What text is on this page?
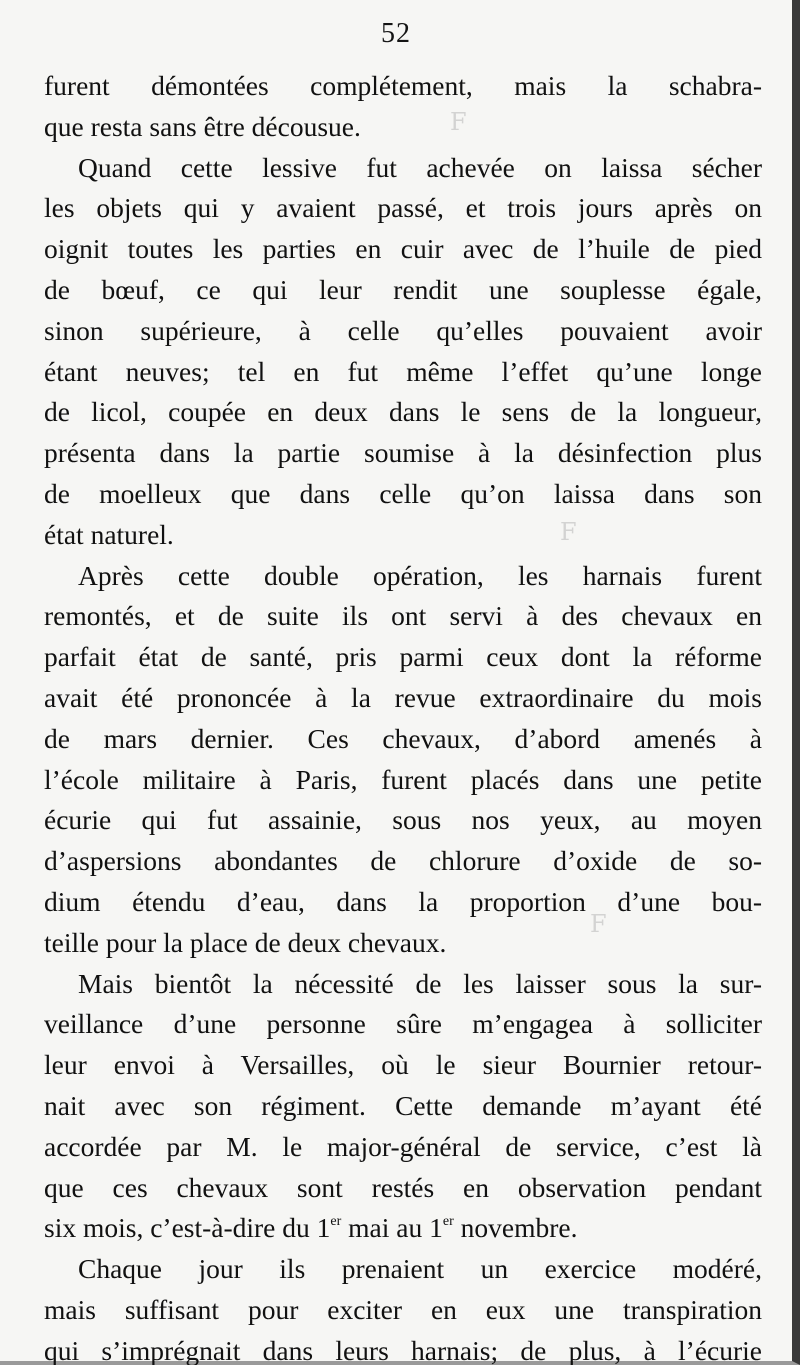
52
ꟻ
ꟻ
ꟻ
furent démontées complétement, mais la schabra-
que resta sans être décousue.
Quand cette lessive fut achevée on laissa sécher
les objets qui y avaient passé, et trois jours après on
oignit toutes les parties en cuir avec de l’huile de pied
de bœuf, ce qui leur rendit une souplesse égale,
sinon supérieure, à celle qu’elles pouvaient avoir
étant neuves; tel en fut même l’effet qu’une longe
de licol, coupée en deux dans le sens de la longueur,
présenta dans la partie soumise à la désinfection plus
de moelleux que dans celle qu’on laissa dans son
état naturel.
Après cette double opération, les harnais furent
remontés, et de suite ils ont servi à des chevaux en
parfait état de santé, pris parmi ceux dont la réforme
avait été prononcée à la revue extraordinaire du mois
de mars dernier. Ces chevaux, d’abord amenés à
l’école militaire à Paris, furent placés dans une petite
écurie qui fut assainie, sous nos yeux, au moyen
d’aspersions abondantes de chlorure d’oxide de so-
dium étendu d’eau, dans la proportion d’une bou-
teille pour la place de deux chevaux.
Mais bientôt la nécessité de les laisser sous la sur-
veillance d’une personne sûre m’engagea à solliciter
leur envoi à Versailles, où le sieur Bournier retour-
nait avec son régiment. Cette demande m’ayant été
accordée par M. le major-général de service, c’est là
que ces chevaux sont restés en observation pendant
six mois, c’est-à-dire du 1er mai au 1er novembre.
Chaque jour ils prenaient un exercice modéré,
mais suffisant pour exciter en eux une transpiration
qui s’imprégnait dans leurs harnais; de plus, à l’écurie
